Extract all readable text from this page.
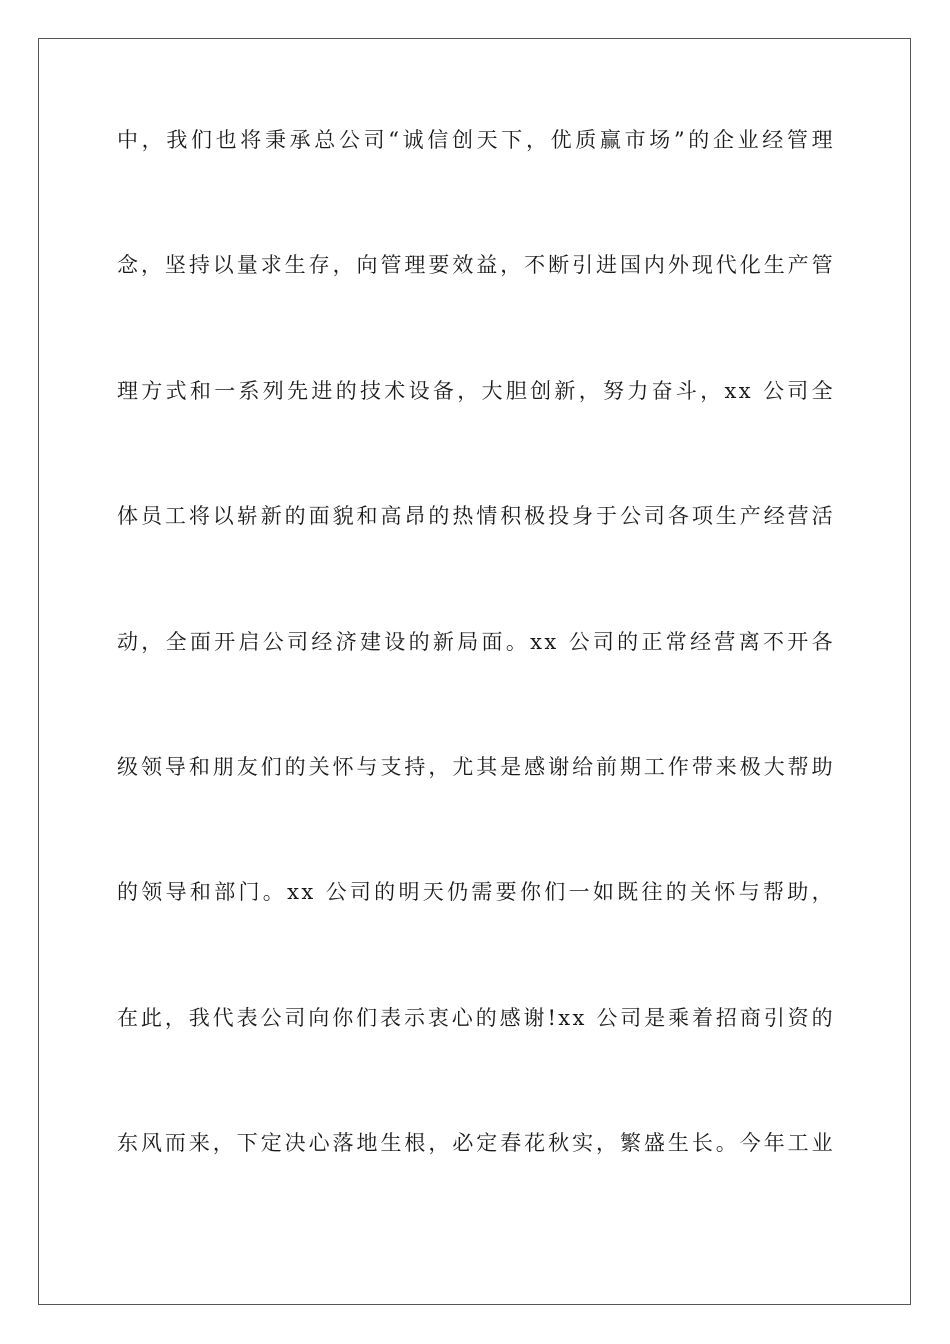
中，我们也将秉承总公司“诚信创天下，优质赢市场”的企业经管理
念，坚持以量求生存，向管理要效益，不断引进国内外现代化生产管
理方式和一系列先进的技术设备，大胆创新，努力奋斗，xx 公司全
体员工将以崭新的面貌和高昂的热情积极投身于公司各项生产经营活
动，全面开启公司经济建设的新局面。xx 公司的正常经营离不开各
级领导和朋友们的关怀与支持，尤其是感谢给前期工作带来极大帮助
的领导和部门。xx 公司的明天仍需要你们一如既往的关怀与帮助，
在此，我代表公司向你们表示衷心的感谢!xx 公司是乘着招商引资的
东风而来，下定决心落地生根，必定春花秋实，繁盛生长。今年工业
